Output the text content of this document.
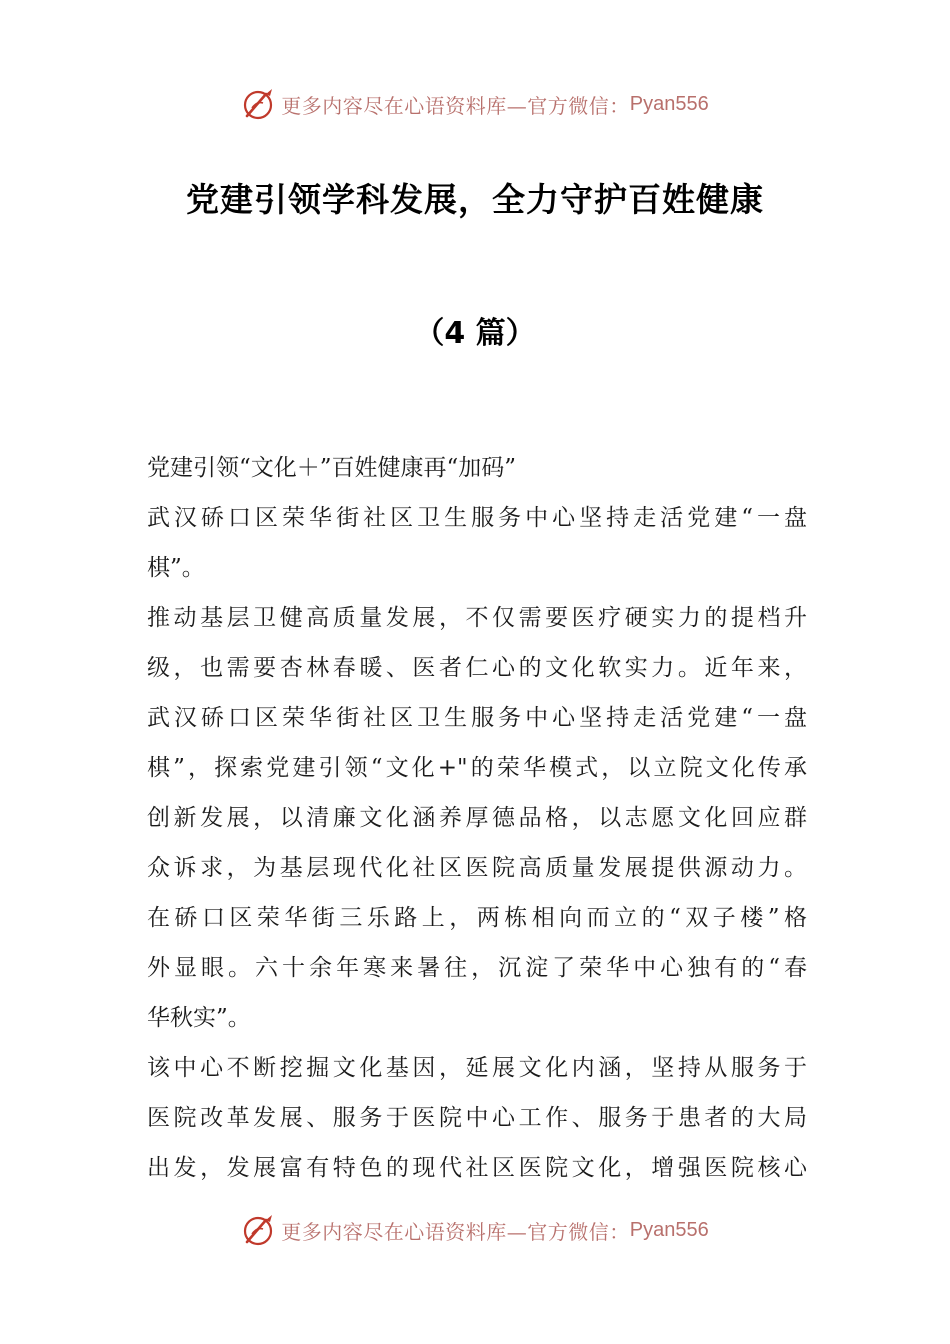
更多内容尽在心语资料库—官方微信： Pyan556
党建引领学科发展，全力守护百姓健康
（4 篇）
党建引领“文化＋”百姓健康再“加码”
武汉硚口区荣华街社区卫生服务中心坚持走活党建“一盘
棋”。
推动基层卫健高质量发展，不仅需要医疗硬实力的提档升
级，也需要杏林春暖、医者仁心的文化软实力。近年来，
武汉硚口区荣华街社区卫生服务中心坚持走活党建“一盘
棋”，探索党建引领“文化+"的荣华模式，以立院文化传承
创新发展，以清廉文化涵养厚德品格，以志愿文化回应群
众诉求，为基层现代化社区医院高质量发展提供源动力。
在硚口区荣华街三乐路上，两栋相向而立的“双子楼”格
外显眼。六十余年寒来暑往，沉淀了荣华中心独有的“春
华秋实”。
该中心不断挖掘文化基因，延展文化内涵，坚持从服务于
医院改革发展、服务于医院中心工作、服务于患者的大局
出发，发展富有特色的现代社区医院文化，增强医院核心
更多内容尽在心语资料库—官方微信： Pyan556
